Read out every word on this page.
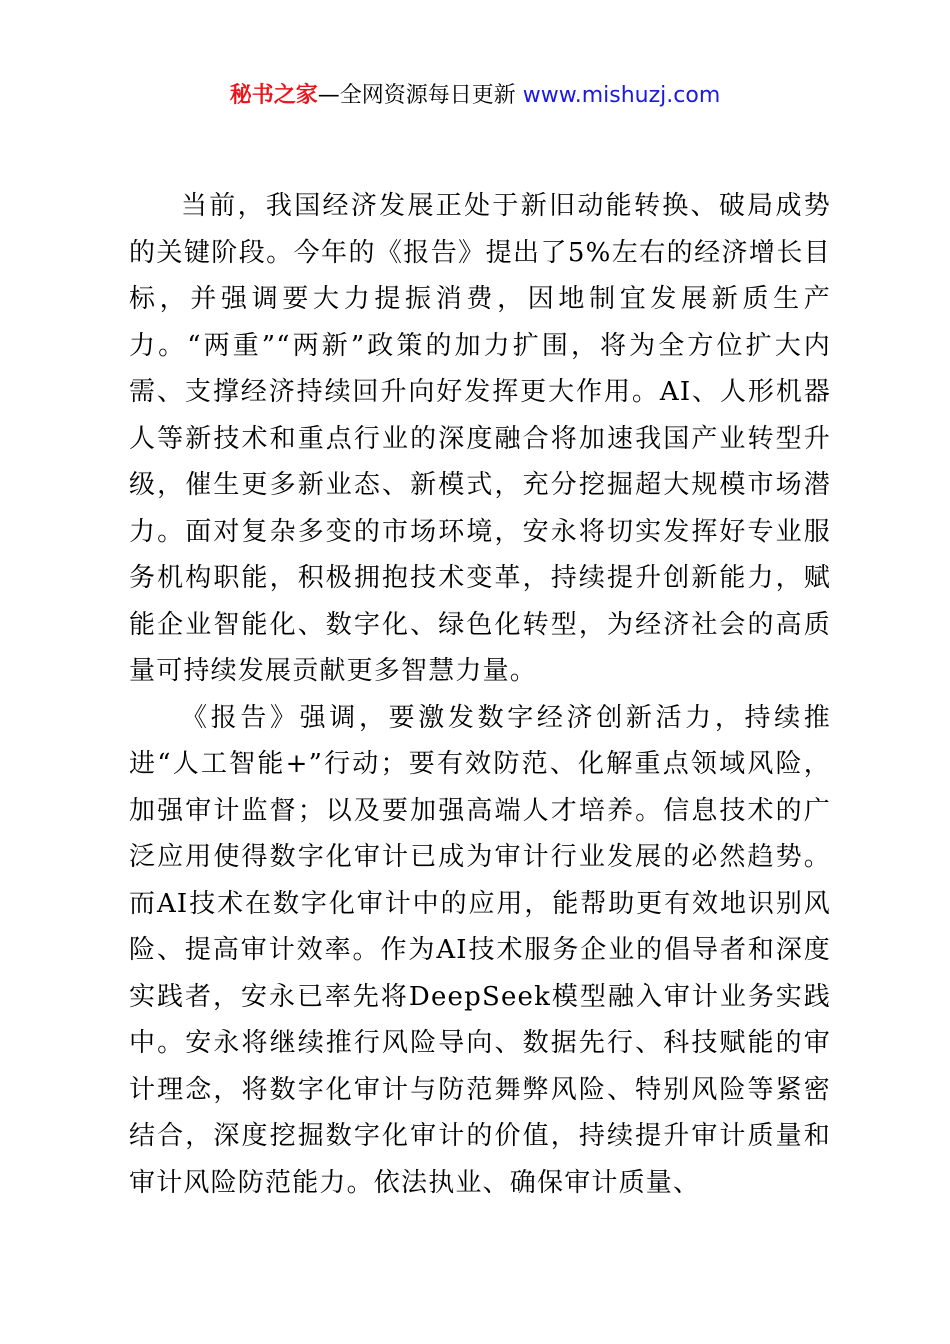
秘书之家—全网资源每日更新 www.mishuzj.com

当前，我国经济发展正处于新旧动能转换、破局成势的关键阶段。今年的《报告》提出了5%左右的经济增长目标，并强调要大力提振消费，因地制宜发展新质生产力。“两重”“两新”政策的加力扩围，将为全方位扩大内需、支撑经济持续回升向好发挥更大作用。AI、人形机器人等新技术和重点行业的深度融合将加速我国产业转型升级，催生更多新业态、新模式，充分挖掘超大规模市场潜力。面对复杂多变的市场环境，安永将切实发挥好专业服务机构职能，积极拥抱技术变革，持续提升创新能力，赋能企业智能化、数字化、绿色化转型，为经济社会的高质量可持续发展贡献更多智慧力量。

《报告》强调，要激发数字经济创新活力，持续推进“人工智能+”行动；要有效防范、化解重点领域风险，加强审计监督；以及要加强高端人才培养。信息技术的广泛应用使得数字化审计已成为审计行业发展的必然趋势。而AI技术在数字化审计中的应用，能帮助更有效地识别风险、提高审计效率。作为AI技术服务企业的倡导者和深度实践者，安永已率先将DeepSeek模型融入审计业务实践中。安永将继续推行风险导向、数据先行、科技赋能的审计理念，将数字化审计与防范舞弊风险、特别风险等紧密结合，深度挖掘数字化审计的价值，持续提升审计质量和审计风险防范能力。依法执业、确保审计质量、
